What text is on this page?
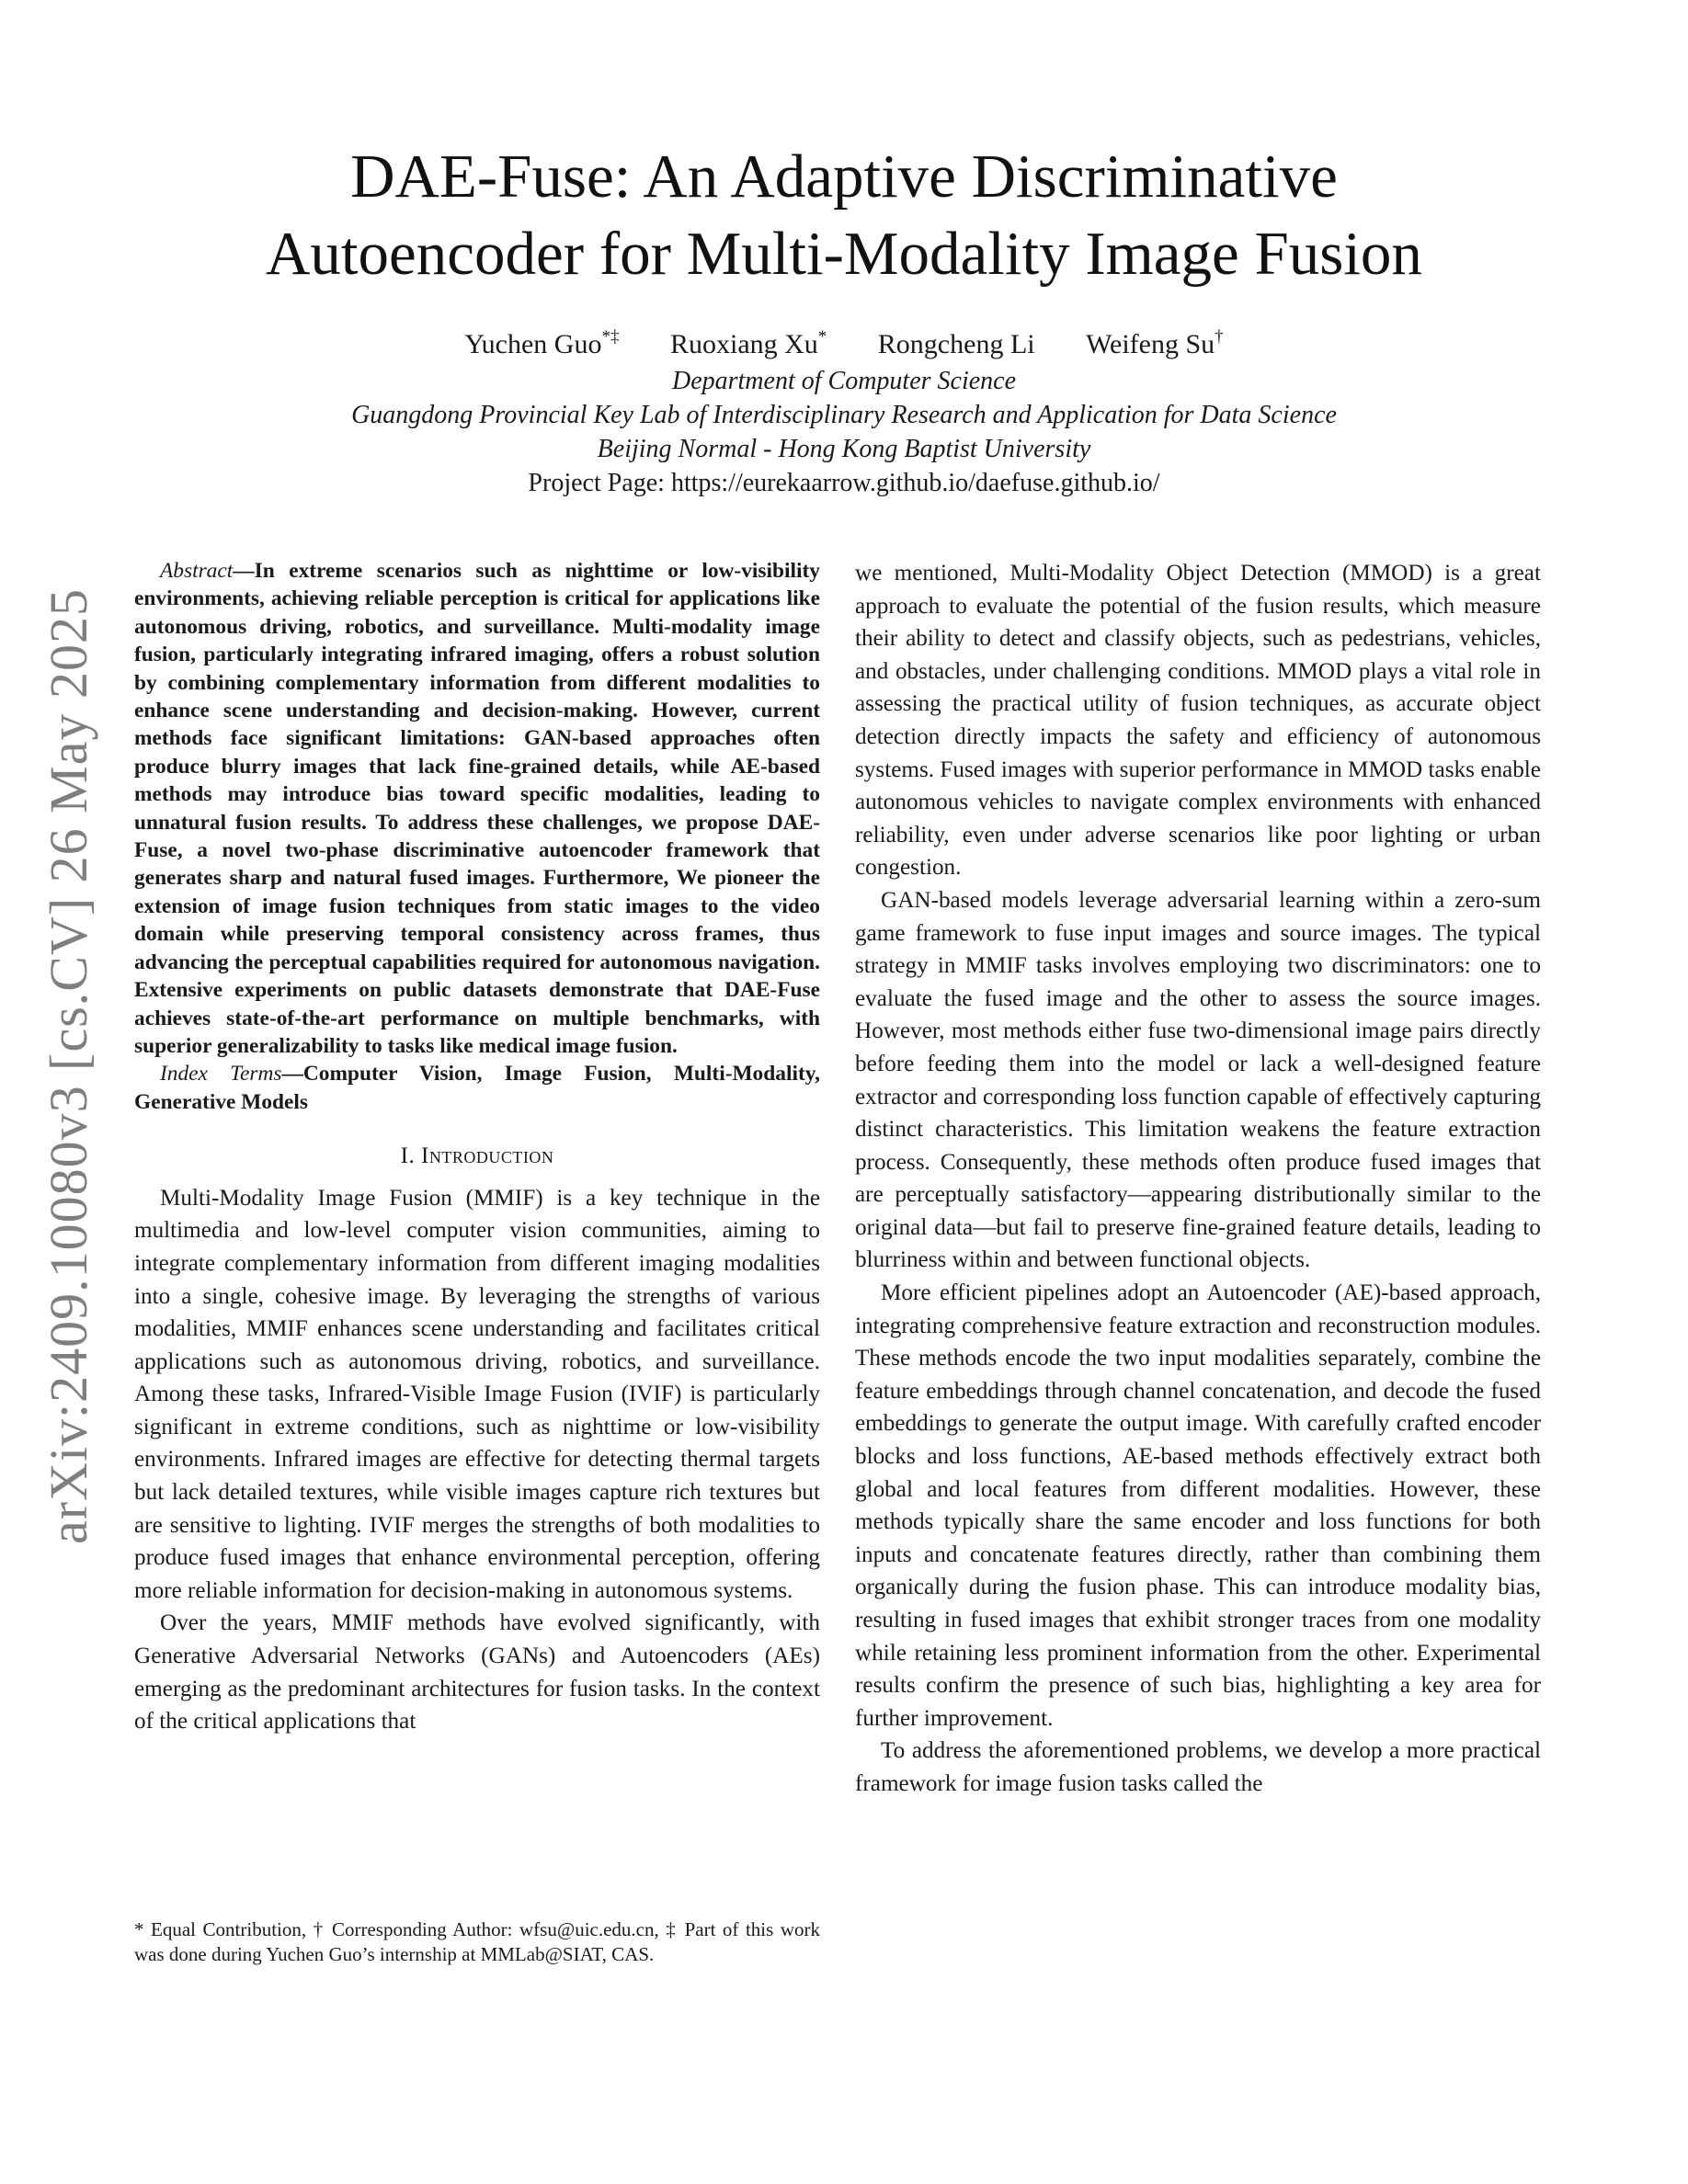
arXiv:2409.10080v3 [cs.CV] 26 May 2025
DAE-Fuse: An Adaptive Discriminative
Autoencoder for Multi-Modality Image Fusion
Yuchen Guo*‡ Ruoxiang Xu* Rongcheng Li Weifeng Su†
Department of Computer Science
Guangdong Provincial Key Lab of Interdisciplinary Research and Application for Data Science
Beijing Normal - Hong Kong Baptist University
Project Page: https://eurekaarrow.github.io/daefuse.github.io/

Abstract—In extreme scenarios such as nighttime or low-visibility environments, achieving reliable perception is critical for applications like autonomous driving, robotics, and surveillance. Multi-modality image fusion, particularly integrating infrared imaging, offers a robust solution by combining complementary information from different modalities to enhance scene understanding and decision-making. However, current methods face significant limitations: GAN-based approaches often produce blurry images that lack fine-grained details, while AE-based methods may introduce bias toward specific modalities, leading to unnatural fusion results. To address these challenges, we propose DAE-Fuse, a novel two-phase discriminative autoencoder framework that generates sharp and natural fused images. Furthermore, We pioneer the extension of image fusion techniques from static images to the video domain while preserving temporal consistency across frames, thus advancing the perceptual capabilities required for autonomous navigation. Extensive experiments on public datasets demonstrate that DAE-Fuse achieves state-of-the-art performance on multiple benchmarks, with superior generalizability to tasks like medical image fusion.

Index Terms—Computer Vision, Image Fusion, Multi-Modality, Generative Models

I. Introduction

Multi-Modality Image Fusion (MMIF) is a key technique in the multimedia and low-level computer vision communities, aiming to integrate complementary information from different imaging modalities into a single, cohesive image. By leveraging the strengths of various modalities, MMIF enhances scene understanding and facilitates critical applications such as autonomous driving, robotics, and surveillance. Among these tasks, Infrared-Visible Image Fusion (IVIF) is particularly significant in extreme conditions, such as nighttime or low-visibility environments. Infrared images are effective for detecting thermal targets but lack detailed textures, while visible images capture rich textures but are sensitive to lighting. IVIF merges the strengths of both modalities to produce fused images that enhance environmental perception, offering more reliable information for decision-making in autonomous systems.

Over the years, MMIF methods have evolved significantly, with Generative Adversarial Networks (GANs) and Autoencoders (AEs) emerging as the predominant architectures for fusion tasks. In the context of the critical applications that

* Equal Contribution, † Corresponding Author: wfsu@uic.edu.cn, ‡ Part of this work was done during Yuchen Guo’s internship at MMLab@SIAT, CAS.

we mentioned, Multi-Modality Object Detection (MMOD) is a great approach to evaluate the potential of the fusion results, which measure their ability to detect and classify objects, such as pedestrians, vehicles, and obstacles, under challenging conditions. MMOD plays a vital role in assessing the practical utility of fusion techniques, as accurate object detection directly impacts the safety and efficiency of autonomous systems. Fused images with superior performance in MMOD tasks enable autonomous vehicles to navigate complex environments with enhanced reliability, even under adverse scenarios like poor lighting or urban congestion.

GAN-based models leverage adversarial learning within a zero-sum game framework to fuse input images and source images. The typical strategy in MMIF tasks involves employing two discriminators: one to evaluate the fused image and the other to assess the source images. However, most methods either fuse two-dimensional image pairs directly before feeding them into the model or lack a well-designed feature extractor and corresponding loss function capable of effectively capturing distinct characteristics. This limitation weakens the feature extraction process. Consequently, these methods often produce fused images that are perceptually satisfactory—appearing distributionally similar to the original data—but fail to preserve fine-grained feature details, leading to blurriness within and between functional objects.

More efficient pipelines adopt an Autoencoder (AE)-based approach, integrating comprehensive feature extraction and reconstruction modules. These methods encode the two input modalities separately, combine the feature embeddings through channel concatenation, and decode the fused embeddings to generate the output image. With carefully crafted encoder blocks and loss functions, AE-based methods effectively extract both global and local features from different modalities. However, these methods typically share the same encoder and loss functions for both inputs and concatenate features directly, rather than combining them organically during the fusion phase. This can introduce modality bias, resulting in fused images that exhibit stronger traces from one modality while retaining less prominent information from the other. Experimental results confirm the presence of such bias, highlighting a key area for further improvement.

To address the aforementioned problems, we develop a more practical framework for image fusion tasks called the
